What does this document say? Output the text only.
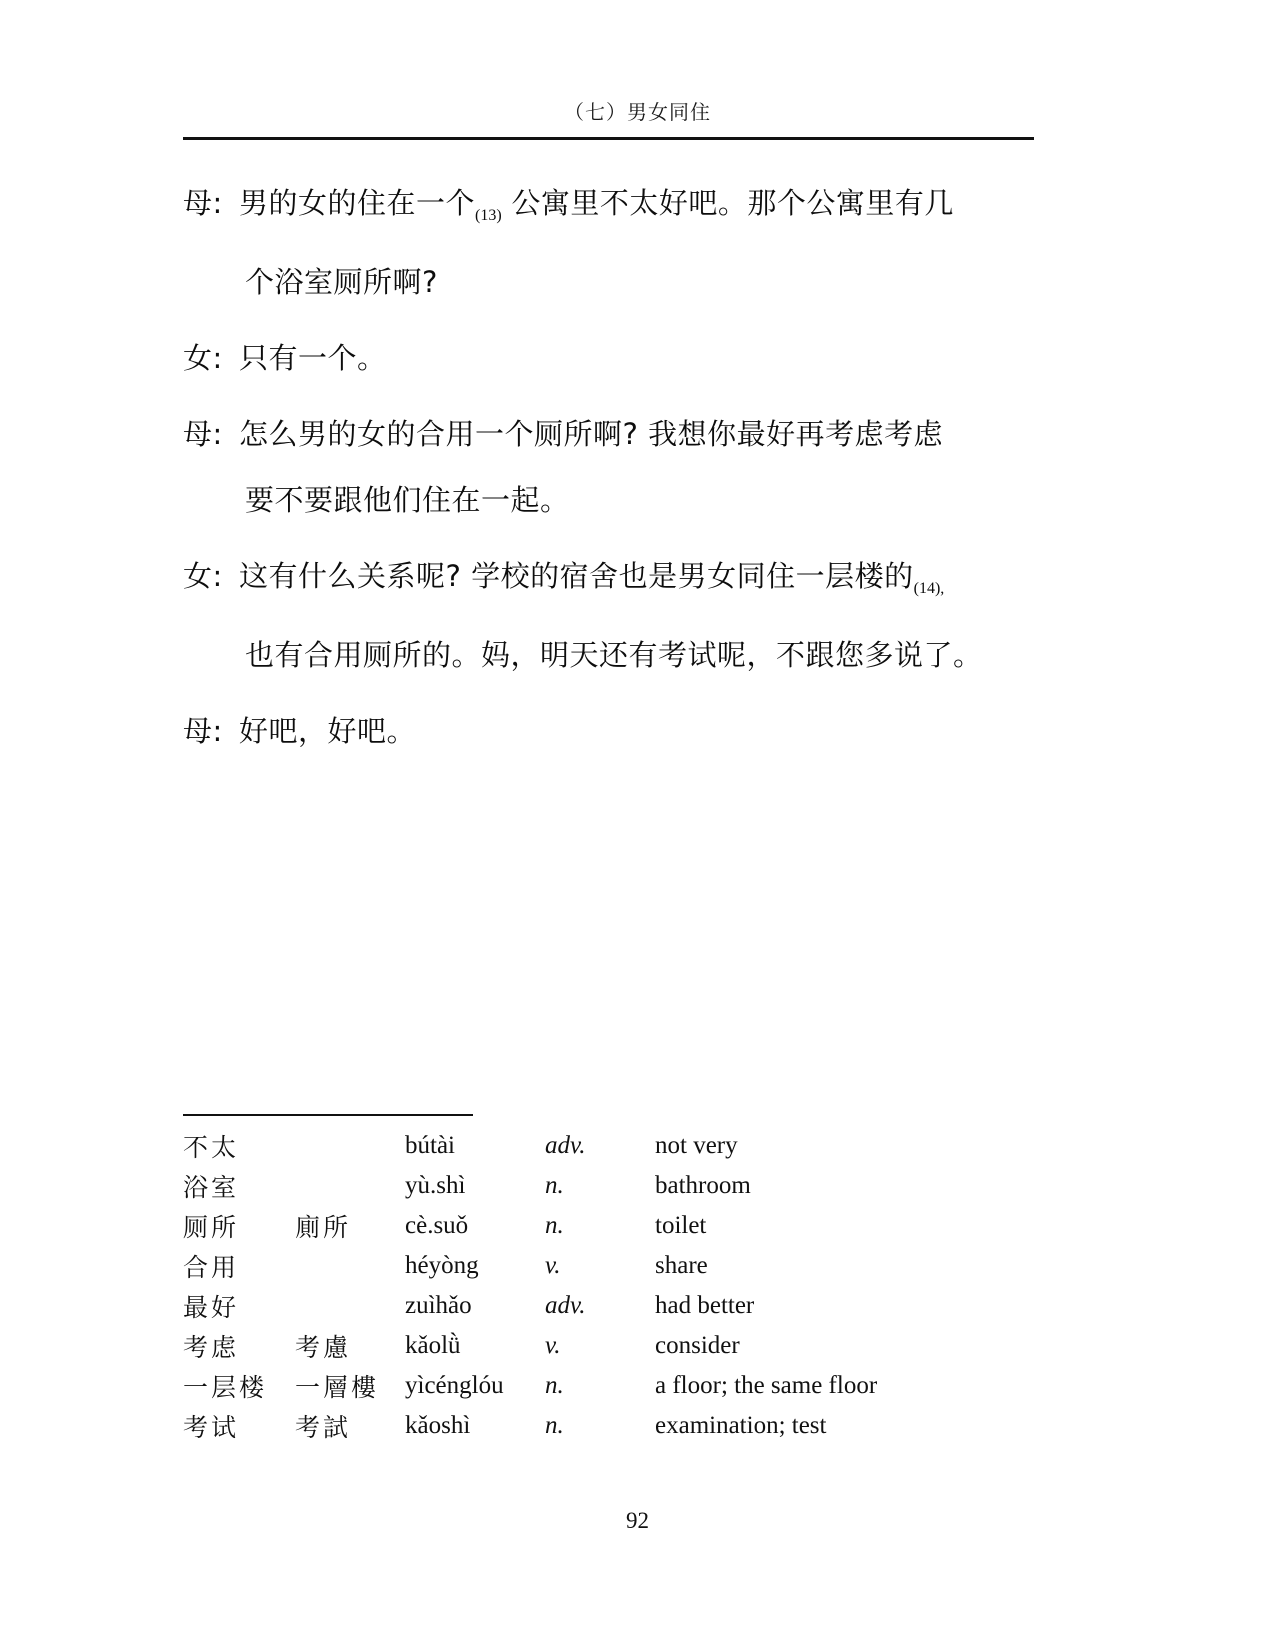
（七）男女同住
母: 男的女的住在一个$_{(13)}$ 公寓里不太好吧。那个公寓里有几
个浴室厕所啊?
女: 只有一个。
母: 怎么男的女的合用一个厕所啊? 我想你最好再考虑考虑
要不要跟他们住在一起。
女: 这有什么关系呢? 学校的宿舍也是男女同住一层楼的$_{(14),}$
也有合用厕所的。妈，明天还有考试呢，不跟您多说了。
母: 好吧，好吧。
不太		bútài	adv.	not very
浴室		yù.shì	n.	bathroom
厕所	廁所	cè.suǒ	n.	toilet
合用		héyòng	v.	share
最好		zuìhǎo	adv.	had better
考虑	考慮	kǎolǜ	v.	consider
一层楼	一層樓	yìcénglóu	n.	a floor; the same floor
考试	考試	kǎoshì	n.	examination; test
92
